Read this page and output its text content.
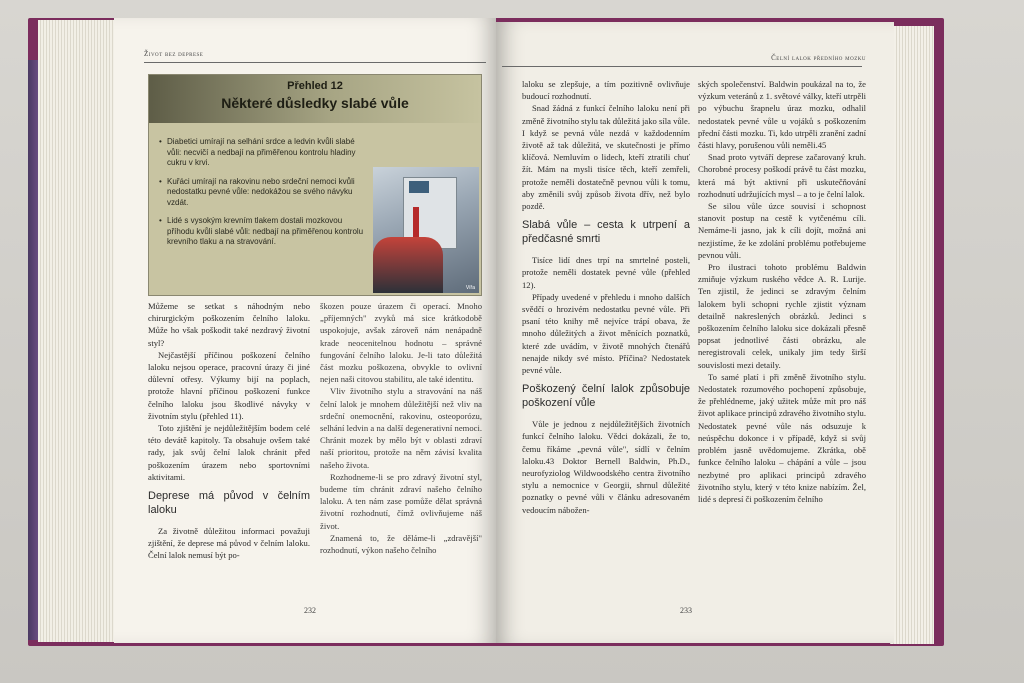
Život bez deprese
Přehled 12
Některé důsledky slabé vůle
• Diabetici umírají na selhání srdce a ledvin kvůli slabé vůli: necvičí a nedbají na přiměřenou kontrolu hladiny cukru v krvi.
• Kuřáci umírají na rakovinu nebo srdeční nemoci kvůli nedostatku pevné vůle: nedokážou se svého návyku vzdát.
• Lidé s vysokým krevním tlakem dostali mozkovou příhodu kvůli slabé vůli: nedbají na přiměřenou kontrolu krevního tlaku a na stravování.
Vířa

Můžeme se setkat s náhodným nebo chirurgickým poškozením čelního laloku. Může ho však poškodit také nezdravý životní styl?

Nejčastější příčinou poškození čelního laloku nejsou operace, pracovní úrazy či jiné důlevní otřesy. Výkumy bijí na poplach, protože hlavní příčinou poškození funkce čelního laloku jsou škodlivé návyky v životním stylu (přehled 11).

Toto zjištění je nejdůležitějším bodem celé této devátě kapitoly. Ta obsahuje ovšem také rady, jak svůj čelní lalok chránit před poškozením úrazem nebo sportovními aktivitami.

Deprese má původ v čelním laloku

Za životně důležitou informaci považuji zjištění, že deprese má původ v čelním laloku. Čelní lalok nemusí být po-

škozen pouze úrazem či operací. Mnoho „příjemných" zvyků má sice krátkodobě uspokojuje, avšak zároveň nám nenápadně krade neocenitelnou hodnotu – správné fungování čelního laloku. Je-li tato důležitá část mozku poškozena, obvykle to ovlivní nejen naši citovou stabilitu, ale také identitu.

Vliv životního stylu a stravování na náš čelní lalok je mnohem důležitější než vliv na srdeční onemocnění, rakovinu, osteoporózu, selhání ledvin a na další degenerativní nemoci. Chránit mozek by mělo být v oblasti zdraví naší prioritou, protože na něm závisí kvalita našeho života.

Rozhodneme-li se pro zdravý životní styl, budeme tím chránit zdraví našeho čelního laloku. A ten nám zase pomůže dělat správná životní rozhodnutí, čímž ovlivňujeme náš život.

Znamená to, že děláme-li „zdravější" rozhodnutí, výkon našeho čelního

232
Čelní lalok předního mozku

laloku se zlepšuje, a tím pozitivně ovlivňuje budoucí rozhodnutí.

Snad žádná z funkcí čelního laloku není při změně životního stylu tak důležitá jako síla vůle. I když se pevná vůle nezdá v každodenním životě až tak důležitá, ve skutečnosti je přímo klíčová. Nemluvím o lidech, kteří ztratili chuť žít. Mám na mysli tisíce těch, kteří zemřeli, protože neměli dostatečně pevnou vůli k tomu, aby změnili svůj způsob života dřív, než bylo pozdě.

Slabá vůle – cesta k utrpení a předčasné smrti

Tisíce lidí dnes trpí na smrtelné posteli, protože neměli dostatek pevné vůle (přehled 12).

Případy uvedené v přehledu i mnoho dalších svědčí o hrozivém nedostatku pevné vůle. Při psaní této knihy mě nejvíce trápí obava, že mnoho důležitých a život měnících poznatků, které zde uvádím, v životě mnohých čtenářů nenajde nikdy své místo. Příčina? Nedostatek pevné vůle.

Poškozený čelní lalok způsobuje poškození vůle

Vůle je jednou z nejdůležitějších životních funkcí čelního laloku. Vědci dokázali, že to, čemu říkáme „pevná vůle", sídlí v čelním laloku.43 Doktor Bernell Baldwin, Ph.D., neurofyziolog Wildwoodského centra životního stylu a nemocnice v Georgii, shrnul důležité poznatky o pevné vůli v článku adresovaném vedoucím nábožen-

ských společenství. Baldwin poukázal na to, že výzkum veteránů z 1. světové války, kteří utrpěli po výbuchu šrapnelu úraz mozku, odhalil nedostatek pevné vůle u vojáků s poškozením přední části mozku. Ti, kdo utrpěli zranění zadní části hlavy, porušenou vůli neměli.45

Snad proto vytváří deprese začarovaný kruh. Chorobné procesy poškodí právě tu část mozku, která má být aktivní při uskutečňování rozhodnutí udržujících mysl – a to je čelní lalok.

Se silou vůle úzce souvisí i schopnost stanovit postup na cestě k vytčenému cíli. Nemáme-li jasno, jak k cíli dojít, možná ani nezjistíme, že ke zdolání problému potřebujeme pevnou vůli.

Pro ilustraci tohoto problému Baldwin zmiňuje výzkum ruského vědce A. R. Lurije. Ten zjistil, že jedinci se zdravým čelním lalokem byli schopni rychle zjistit význam detailně nakreslených obrázků. Jedinci s poškozením čelního laloku sice dokázali přesně popsat jednotlivé části obrázku, ale neregistrovali celek, unikaly jim tedy širší souvislosti mezi detaily.

To samé platí i při změně životního stylu. Nedostatek rozumového pochopení způsobuje, že přehlédneme, jaký užitek může mít pro náš život aplikace principů zdravého životního stylu. Nedostatek pevné vůle nás odsuzuje k neúspěchu dokonce i v případě, když si svůj problém jasně uvědomujeme. Zkrátka, obě funkce čelního laloku – chápání a vůle – jsou nezbytné pro aplikaci principů zdravého životního stylu, který v této knize nabízím. Žel, lidé s depresí či poškozením čelního

233
